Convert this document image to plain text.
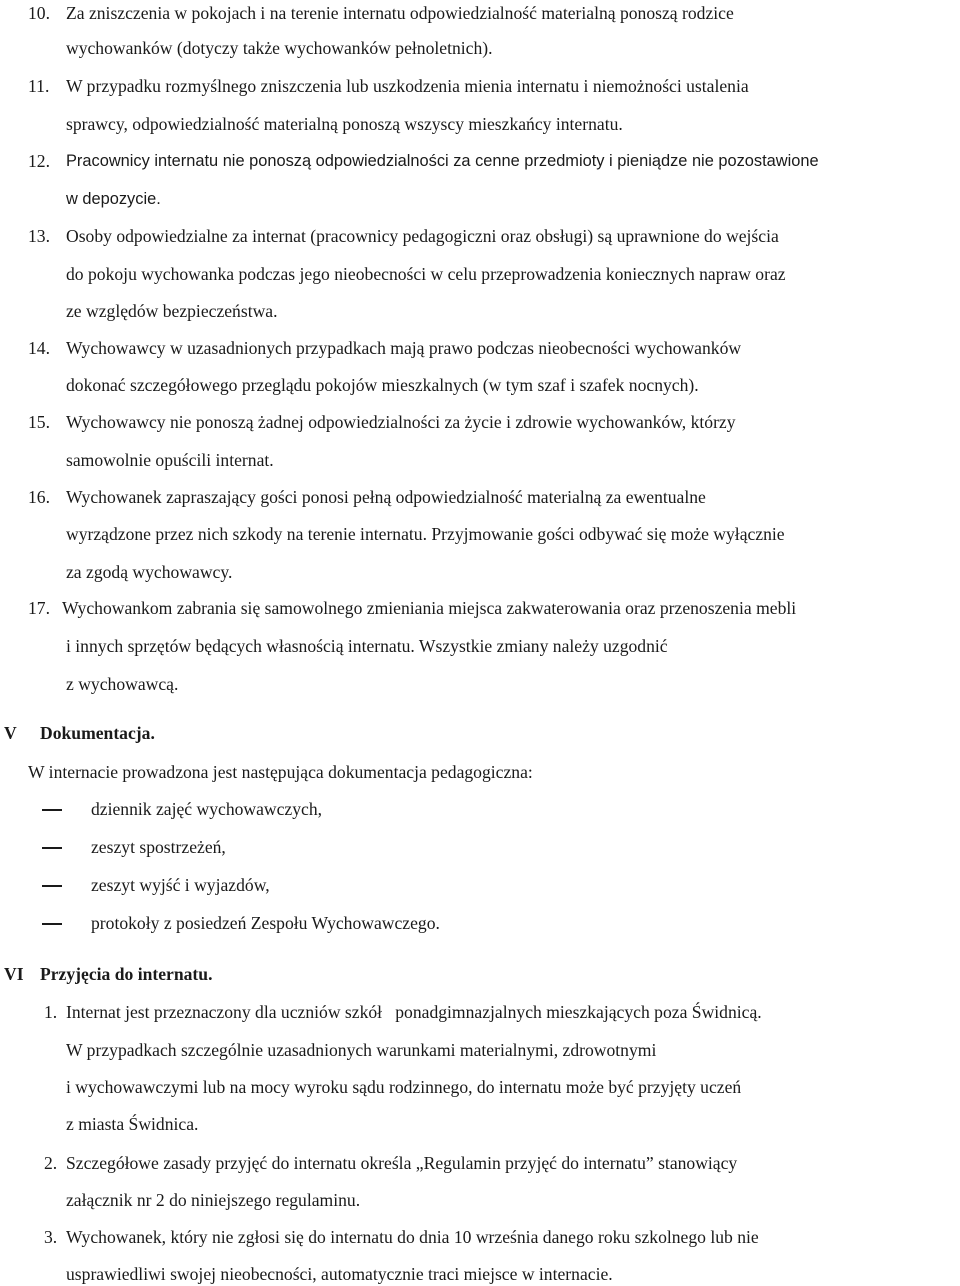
10. Za zniszczenia w pokojach i na terenie internatu odpowiedzialność materialną ponoszą rodzice
wychowanków (dotyczy także wychowanków pełnoletnich).
11. W przypadku rozmyślnego zniszczenia lub uszkodzenia mienia internatu i niemożności ustalenia
sprawcy, odpowiedzialność materialną ponoszą wszyscy mieszkańcy internatu.
12. Pracownicy internatu nie ponoszą odpowiedzialności za cenne przedmioty i pieniądze nie pozostawione
w depozycie.
13. Osoby odpowiedzialne za internat (pracownicy pedagogiczni oraz obsługi) są uprawnione do wejścia
do pokoju wychowanka podczas jego nieobecności w celu przeprowadzenia koniecznych napraw oraz
ze względów bezpieczeństwa.
14. Wychowawcy w uzasadnionych przypadkach mają prawo podczas nieobecności wychowanków
dokonać szczegółowego przeglądu pokojów mieszkalnych (w tym szaf i szafek nocnych).
15. Wychowawcy nie ponoszą żadnej odpowiedzialności za życie i zdrowie wychowanków, którzy
samowolnie opuścili internat.
16. Wychowanek zapraszający gości ponosi pełną odpowiedzialność materialną za ewentualne
wyrządzone przez nich szkody na terenie internatu. Przyjmowanie gości odbywać się może wyłącznie
za zgodą wychowawcy.
17. Wychowankom zabrania się samowolnego zmieniania miejsca zakwaterowania oraz przenoszenia mebli
i innych sprzętów będących własnością internatu. Wszystkie zmiany należy uzgodnić
z wychowawcą.
V Dokumentacja.
W internacie prowadzona jest następująca dokumentacja pedagogiczna:
dziennik zajęć wychowawczych,
zeszyt spostrzeżeń,
zeszyt wyjść i wyjazdów,
protokoły z posiedzeń Zespołu Wychowawczego.
VI Przyjęcia do internatu.
1. Internat jest przeznaczony dla uczniów szkół   ponadgimnazjalnych mieszkających poza Świdnicą.
W przypadkach szczególnie uzasadnionych warunkami materialnymi, zdrowotnymi
i wychowawczymi lub na mocy wyroku sądu rodzinnego, do internatu może być przyjęty uczeń
z miasta Świdnica.
2. Szczegółowe zasady przyjęć do internatu określa „Regulamin przyjęć do internatu” stanowiący
załącznik nr 2 do niniejszego regulaminu.
3. Wychowanek, który nie zgłosi się do internatu do dnia 10 września danego roku szkolnego lub nie
usprawiedliwi swojej nieobecności, automatycznie traci miejsce w internacie.
